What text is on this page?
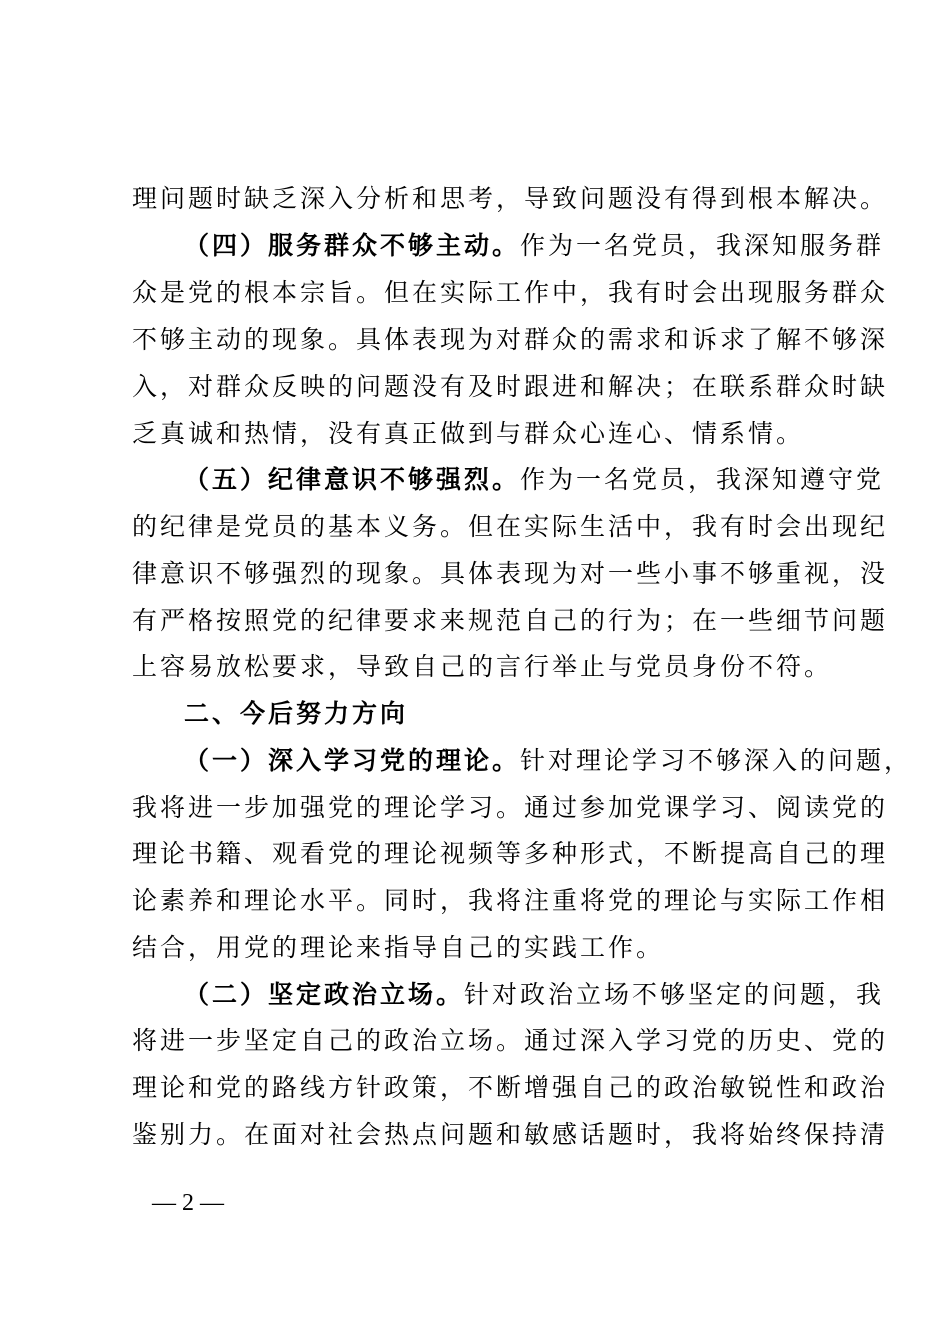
理问题时缺乏深入分析和思考，导致问题没有得到根本解决。
（四）服务群众不够主动。作为一名党员，我深知服务群
众是党的根本宗旨。但在实际工作中，我有时会出现服务群众
不够主动的现象。具体表现为对群众的需求和诉求了解不够深
入，对群众反映的问题没有及时跟进和解决；在联系群众时缺
乏真诚和热情，没有真正做到与群众心连心、情系情。
（五）纪律意识不够强烈。作为一名党员，我深知遵守党
的纪律是党员的基本义务。但在实际生活中，我有时会出现纪
律意识不够强烈的现象。具体表现为对一些小事不够重视，没
有严格按照党的纪律要求来规范自己的行为；在一些细节问题
上容易放松要求，导致自己的言行举止与党员身份不符。
二、今后努力方向
（一）深入学习党的理论。针对理论学习不够深入的问题，
我将进一步加强党的理论学习。通过参加党课学习、阅读党的
理论书籍、观看党的理论视频等多种形式，不断提高自己的理
论素养和理论水平。同时，我将注重将党的理论与实际工作相
结合，用党的理论来指导自己的实践工作。
（二）坚定政治立场。针对政治立场不够坚定的问题，我
将进一步坚定自己的政治立场。通过深入学习党的历史、党的
理论和党的路线方针政策，不断增强自己的政治敏锐性和政治
鉴别力。在面对社会热点问题和敏感话题时，我将始终保持清
— 2 —
